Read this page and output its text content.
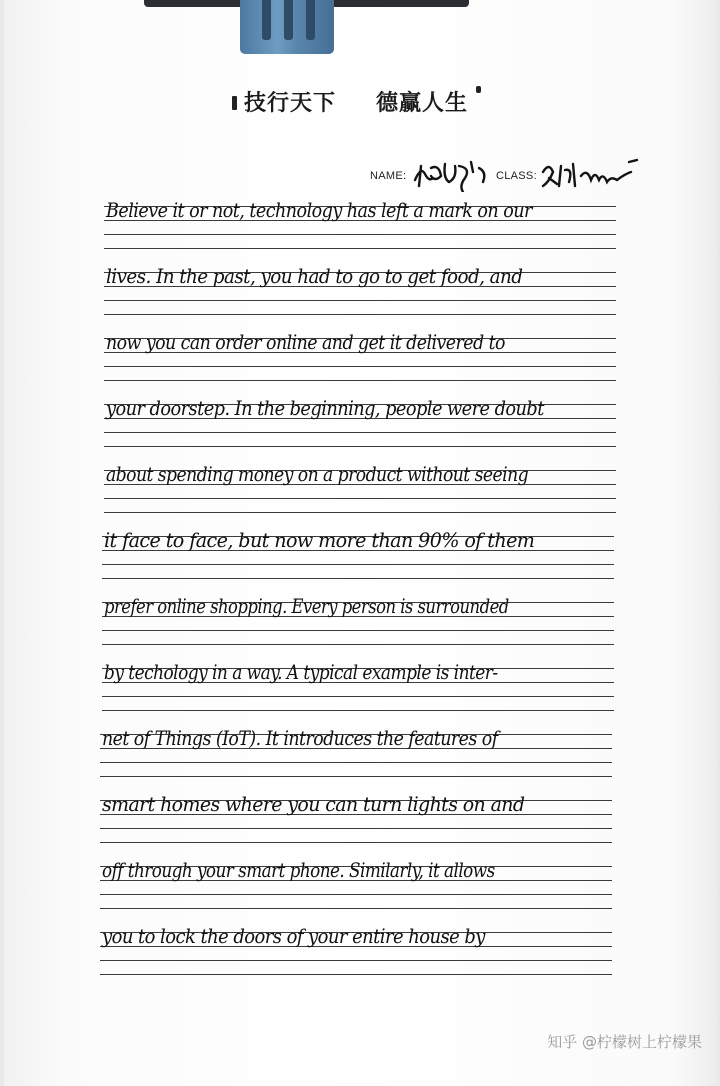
技行天下 德赢人生
NAME:	CLASS:
Believe it or not, technology has left a mark on our
lives. In the past, you had to go to get food, and
now you can order online and get it delivered to
your doorstep. In the beginning, people were doubt
about spending money on a product without seeing
it face to face, but now more than 90% of them
prefer online shopping. Every person is surrounded
by techology in a way. A typical example is inter-
net of Things (IoT). It introduces the features of
smart homes where you can turn lights on and
off through your smart phone. Similarly, it allows
you to lock the doors of your entire house by
知乎 @柠檬树上柠檬果
